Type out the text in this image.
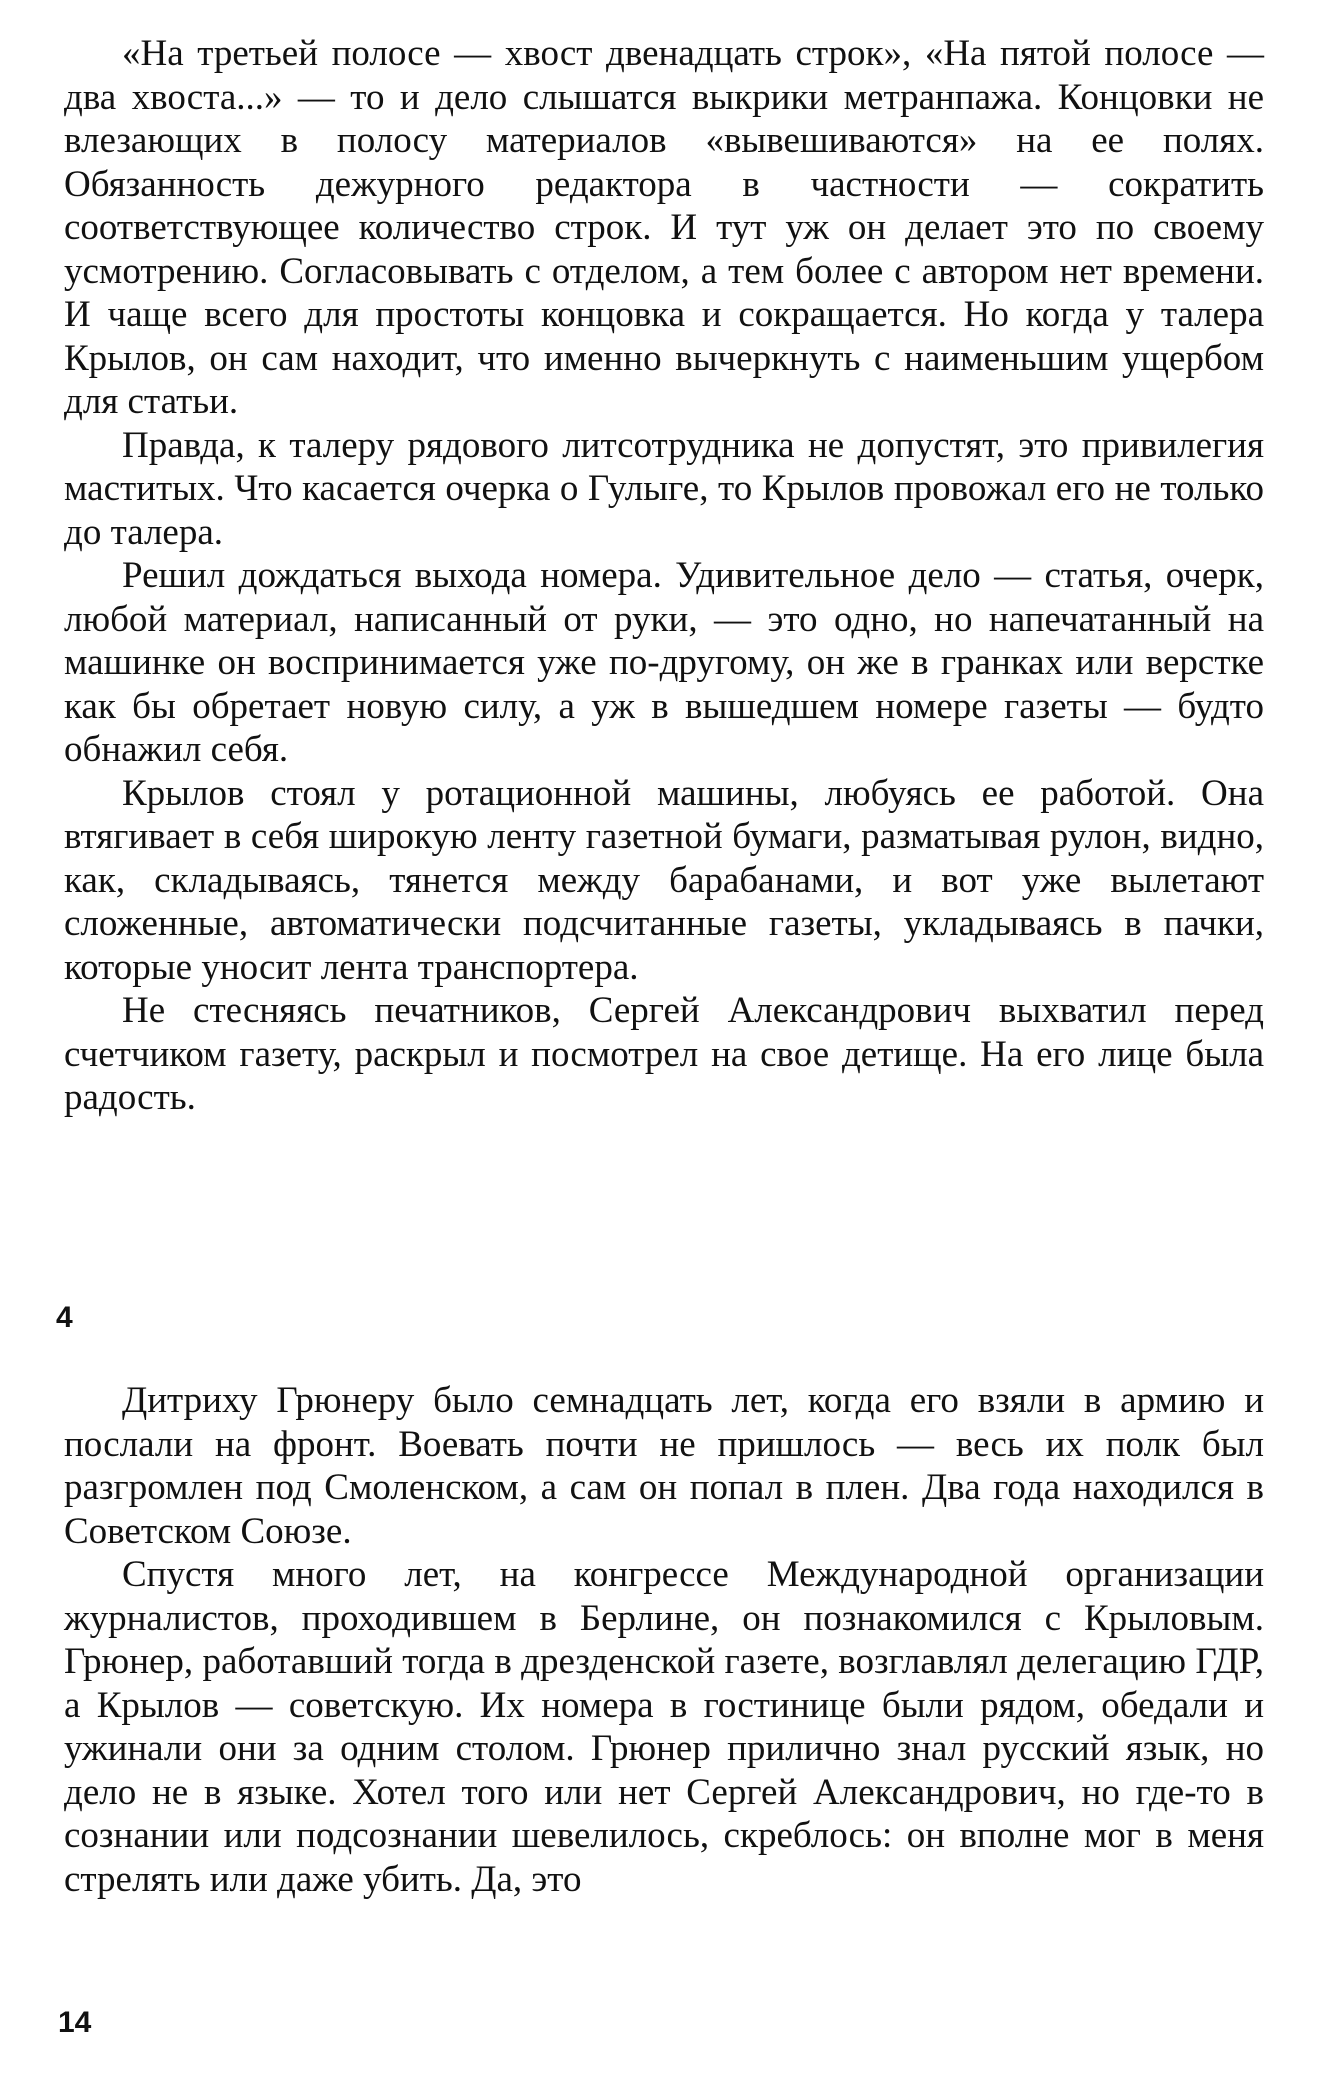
«На третьей полосе — хвост двенадцать строк», «На пятой полосе — два хвоста...» — то и дело слышатся выкрики метранпажа. Концовки не влезающих в полосу материалов «вывешиваются» на ее полях. Обязанность дежурного редактора в частности — сократить соответствующее количество строк. И тут уж он делает это по своему усмотрению. Согласовывать с отделом, а тем более с автором нет времени. И чаще всего для простоты концовка и сокращается. Но когда у талера Крылов, он сам находит, что именно вычеркнуть с наименьшим ущербом для статьи.

Правда, к талеру рядового литсотрудника не допустят, это привилегия маститых. Что касается очерка о Гулыге, то Крылов провожал его не только до талера.

Решил дождаться выхода номера. Удивительное дело — статья, очерк, любой материал, написанный от руки, — это одно, но напечатанный на машинке он воспринимается уже по-другому, он же в гранках или верстке как бы обретает новую силу, а уж в вышедшем номере газеты — будто обнажил себя.

Крылов стоял у ротационной машины, любуясь ее работой. Она втягивает в себя широкую ленту газетной бумаги, разматывая рулон, видно, как, складываясь, тянется между барабанами, и вот уже вылетают сложенные, автоматически подсчитанные газеты, укладываясь в пачки, которые уносит лента транспортера.

Не стесняясь печатников, Сергей Александрович выхватил перед счетчиком газету, раскрыл и посмотрел на свое детище. На его лице была радость.

4

Дитриху Грюнеру было семнадцать лет, когда его взяли в армию и послали на фронт. Воевать почти не пришлось — весь их полк был разгромлен под Смоленском, а сам он попал в плен. Два года находился в Советском Союзе.

Спустя много лет, на конгрессе Международной организации журналистов, проходившем в Берлине, он познакомился с Крыловым. Грюнер, работавший тогда в дрезденской газете, возглавлял делегацию ГДР, а Крылов — советскую. Их номера в гостинице были рядом, обедали и ужинали они за одним столом. Грюнер прилично знал русский язык, но дело не в языке. Хотел того или нет Сергей Александрович, но где-то в сознании или подсознании шевелилось, скреблось: он вполне мог в меня стрелять или даже убить. Да, это

14
